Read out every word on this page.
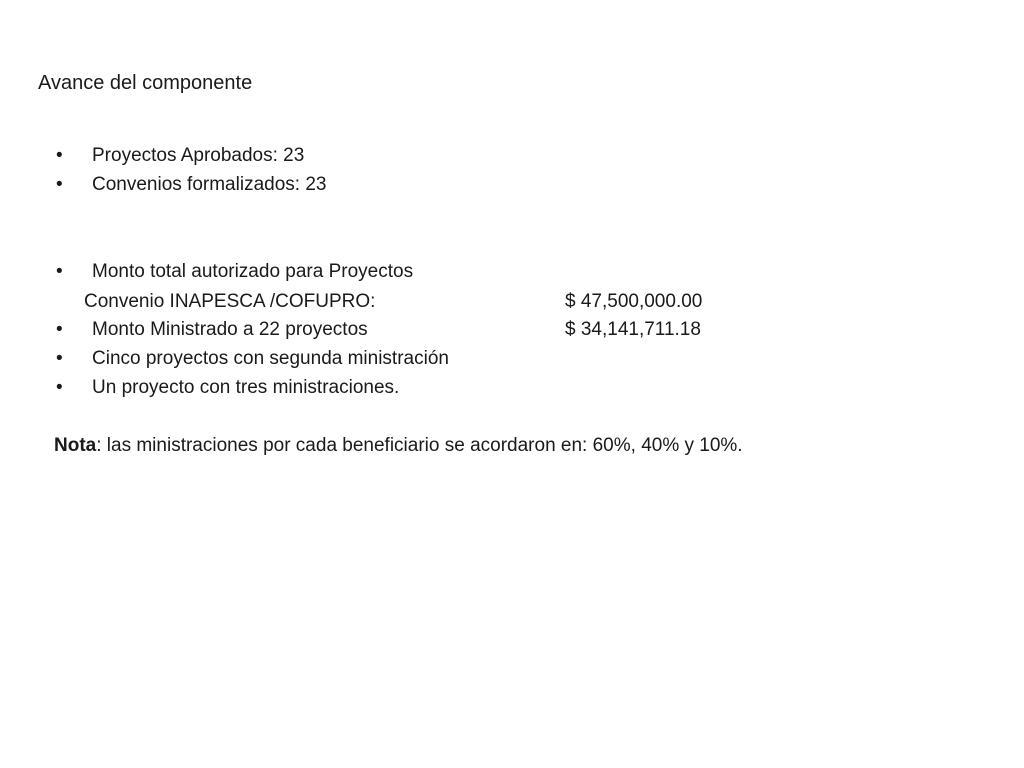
Avance del componente
• Proyectos Aprobados: 23
• Convenios formalizados: 23
• Monto total autorizado para Proyectos
Convenio INAPESCA /COFUPRO:	$ 47,500,000.00
• Monto Ministrado a 22 proyectos	$ 34,141,711.18
• Cinco proyectos con segunda ministración
• Un proyecto con tres ministraciones.
Nota: las ministraciones por cada beneficiario se acordaron en: 60%, 40% y 10%.
